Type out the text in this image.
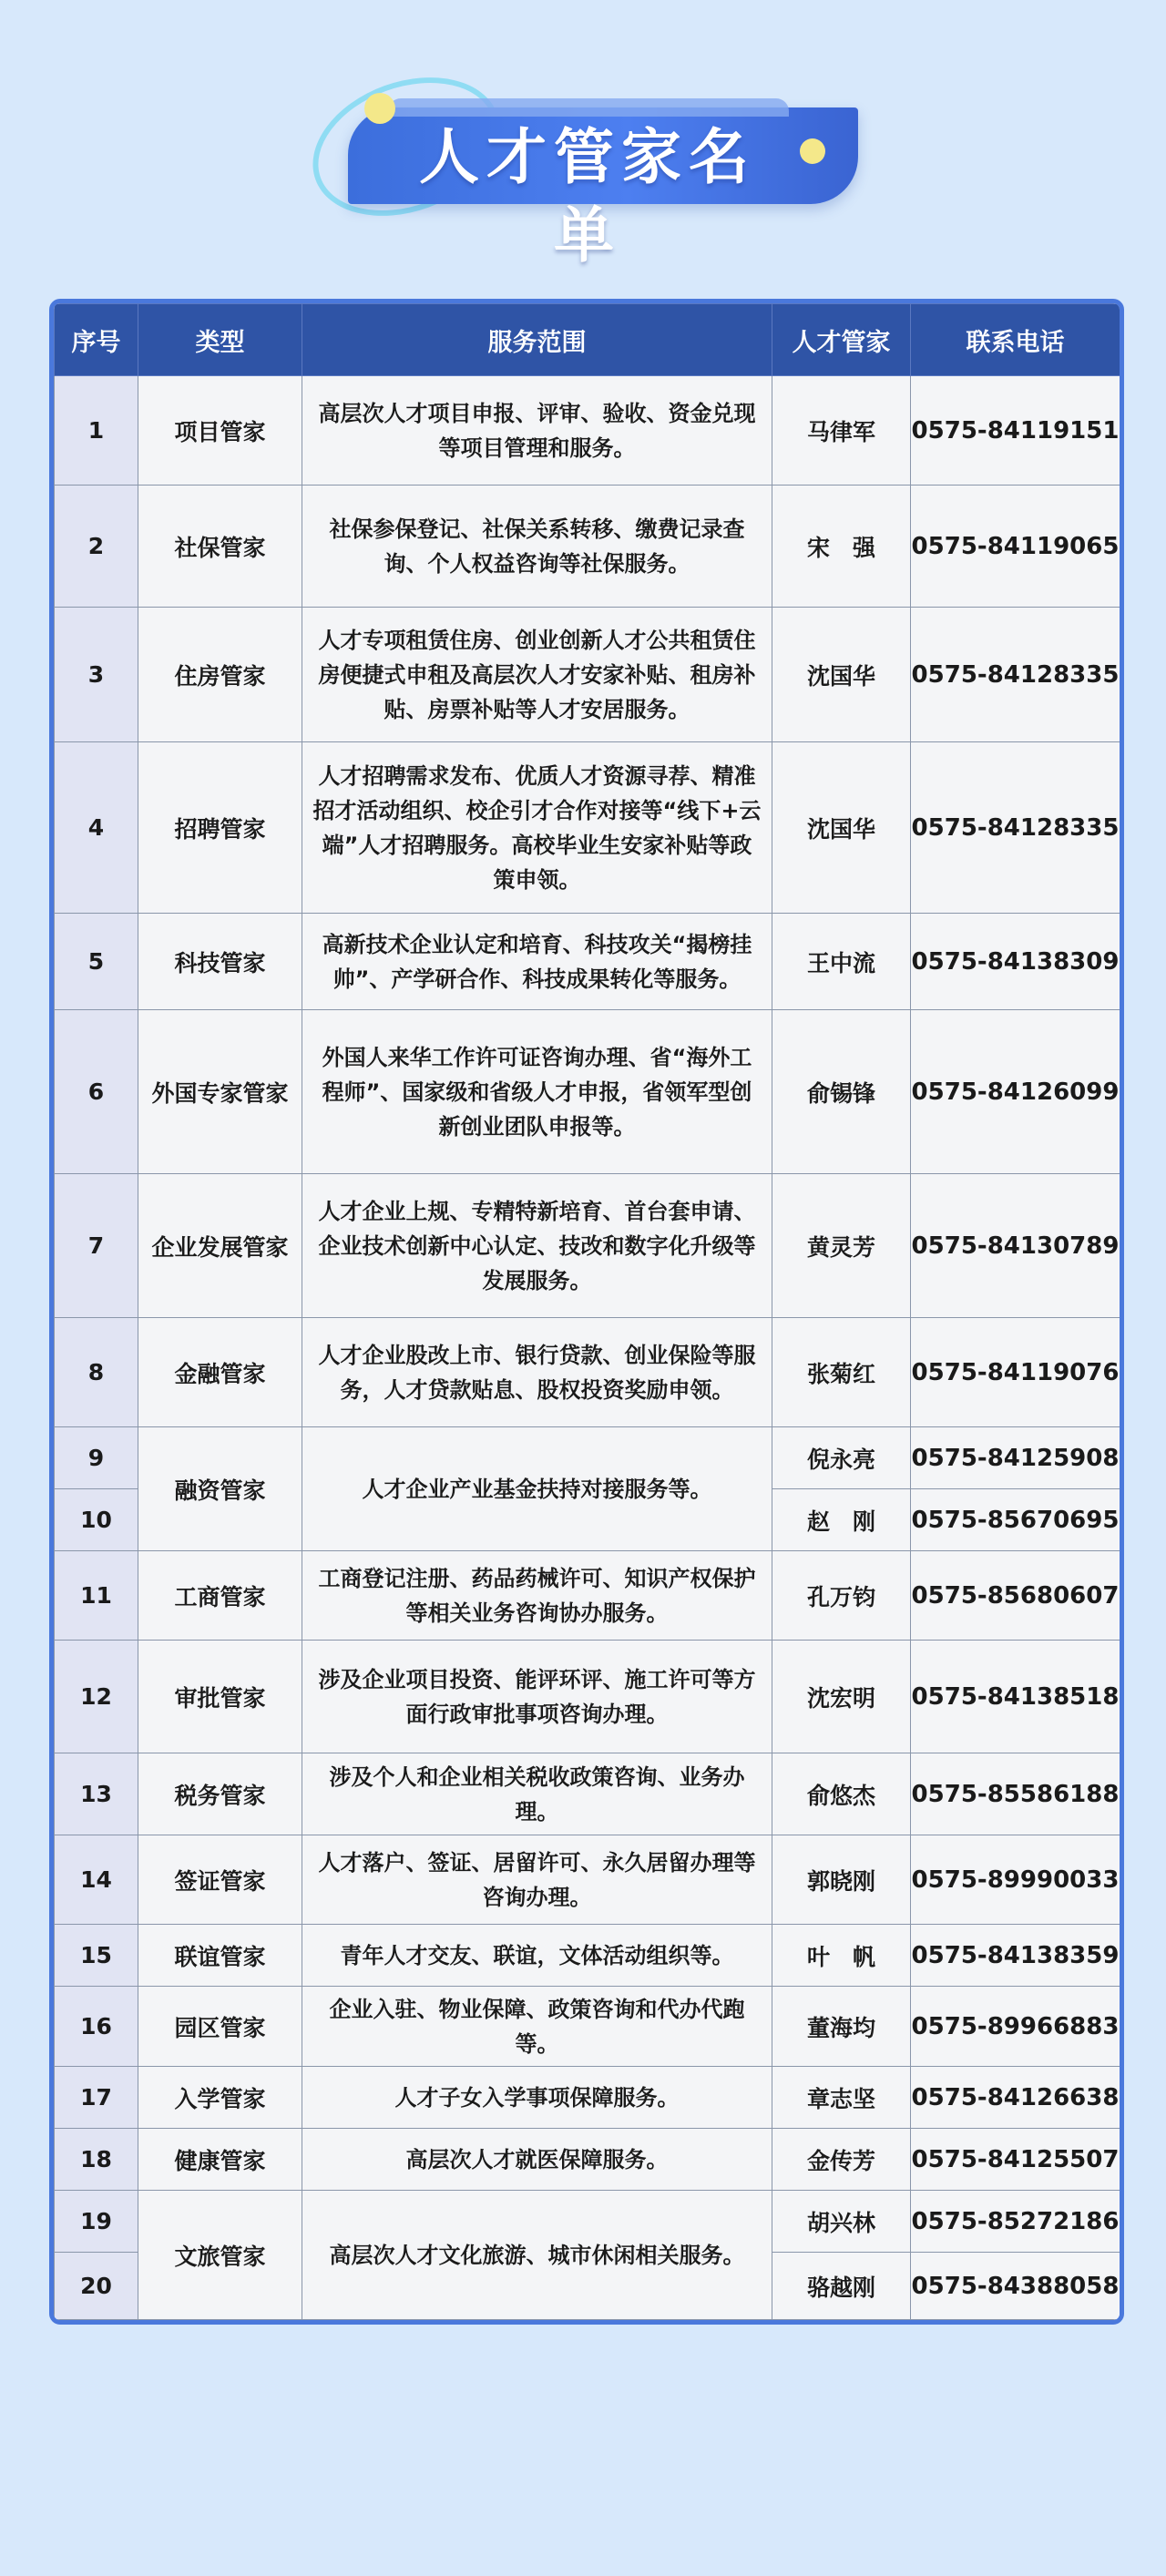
人才管家名单
序号	类型	服务范围	人才管家	联系电话
1	项目管家	高层次人才项目申报、评审、验收、资金兑现等项目管理和服务。	马律军	0575-84119151
2	社保管家	社保参保登记、社保关系转移、缴费记录查询、个人权益咨询等社保服务。	宋　强	0575-84119065
3	住房管家	人才专项租赁住房、创业创新人才公共租赁住房便捷式申租及高层次人才安家补贴、租房补贴、房票补贴等人才安居服务。	沈国华	0575-84128335
4	招聘管家	人才招聘需求发布、优质人才资源寻荐、精准招才活动组织、校企引才合作对接等“线下+云端”人才招聘服务。高校毕业生安家补贴等政策申领。	沈国华	0575-84128335
5	科技管家	高新技术企业认定和培育、科技攻关“揭榜挂帅”、产学研合作、科技成果转化等服务。	王中流	0575-84138309
6	外国专家管家	外国人来华工作许可证咨询办理、省“海外工程师”、国家级和省级人才申报，省领军型创新创业团队申报等。	俞锡锋	0575-84126099
7	企业发展管家	人才企业上规、专精特新培育、首台套申请、企业技术创新中心认定、技改和数字化升级等发展服务。	黄灵芳	0575-84130789
8	金融管家	人才企业股改上市、银行贷款、创业保险等服务，人才贷款贴息、股权投资奖励申领。	张菊红	0575-84119076
9	融资管家	人才企业产业基金扶持对接服务等。	倪永亮	0575-84125908
10			赵　刚	0575-85670695
11	工商管家	工商登记注册、药品药械许可、知识产权保护等相关业务咨询协办服务。	孔万钧	0575-85680607
12	审批管家	涉及企业项目投资、能评环评、施工许可等方面行政审批事项咨询办理。	沈宏明	0575-84138518
13	税务管家	涉及个人和企业相关税收政策咨询、业务办理。	俞悠杰	0575-85586188
14	签证管家	人才落户、签证、居留许可、永久居留办理等咨询办理。	郭晓刚	0575-89990033
15	联谊管家	青年人才交友、联谊，文体活动组织等。	叶　帆	0575-84138359
16	园区管家	企业入驻、物业保障、政策咨询和代办代跑等。	董海均	0575-89966883
17	入学管家	人才子女入学事项保障服务。	章志坚	0575-84126638
18	健康管家	高层次人才就医保障服务。	金传芳	0575-84125507
19	文旅管家	高层次人才文化旅游、城市休闲相关服务。	胡兴林	0575-85272186
20			骆越刚	0575-84388058
